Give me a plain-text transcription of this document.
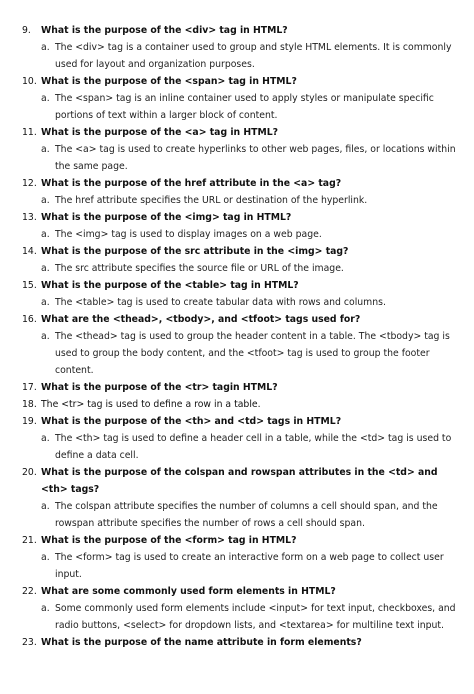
9.	What is the purpose of the <div> tag in HTML?
a. The <div> tag is a container used to group and style HTML elements. It is commonly used for layout and organization purposes.
10. What is the purpose of the <span> tag in HTML?
a. The <span> tag is an inline container used to apply styles or manipulate specific portions of text within a larger block of content.
11. What is the purpose of the <a> tag in HTML?
a. The <a> tag is used to create hyperlinks to other web pages, files, or locations within the same page.
12. What is the purpose of the href attribute in the <a> tag?
a. The href attribute specifies the URL or destination of the hyperlink.
13. What is the purpose of the <img> tag in HTML?
a. The <img> tag is used to display images on a web page.
14. What is the purpose of the src attribute in the <img> tag?
a. The src attribute specifies the source file or URL of the image.
15. What is the purpose of the <table> tag in HTML?
a. The <table> tag is used to create tabular data with rows and columns.
16. What are the <thead>, <tbody>, and <tfoot> tags used for?
a. The <thead> tag is used to group the header content in a table. The <tbody> tag is used to group the body content, and the <tfoot> tag is used to group the footer content.
17. What is the purpose of the <tr> tagin HTML?
18. The <tr> tag is used to define a row in a table.
19. What is the purpose of the <th> and <td> tags in HTML?
a. The <th> tag is used to define a header cell in a table, while the <td> tag is used to define a data cell.
20. What is the purpose of the colspan and rowspan attributes in the <td> and <th> tags?
a. The colspan attribute specifies the number of columns a cell should span, and the rowspan attribute specifies the number of rows a cell should span.
21. What is the purpose of the <form> tag in HTML?
a. The <form> tag is used to create an interactive form on a web page to collect user input.
22. What are some commonly used form elements in HTML?
a. Some commonly used form elements include <input> for text input, checkboxes, and radio buttons, <select> for dropdown lists, and <textarea> for multiline text input.
23. What is the purpose of the name attribute in form elements?
